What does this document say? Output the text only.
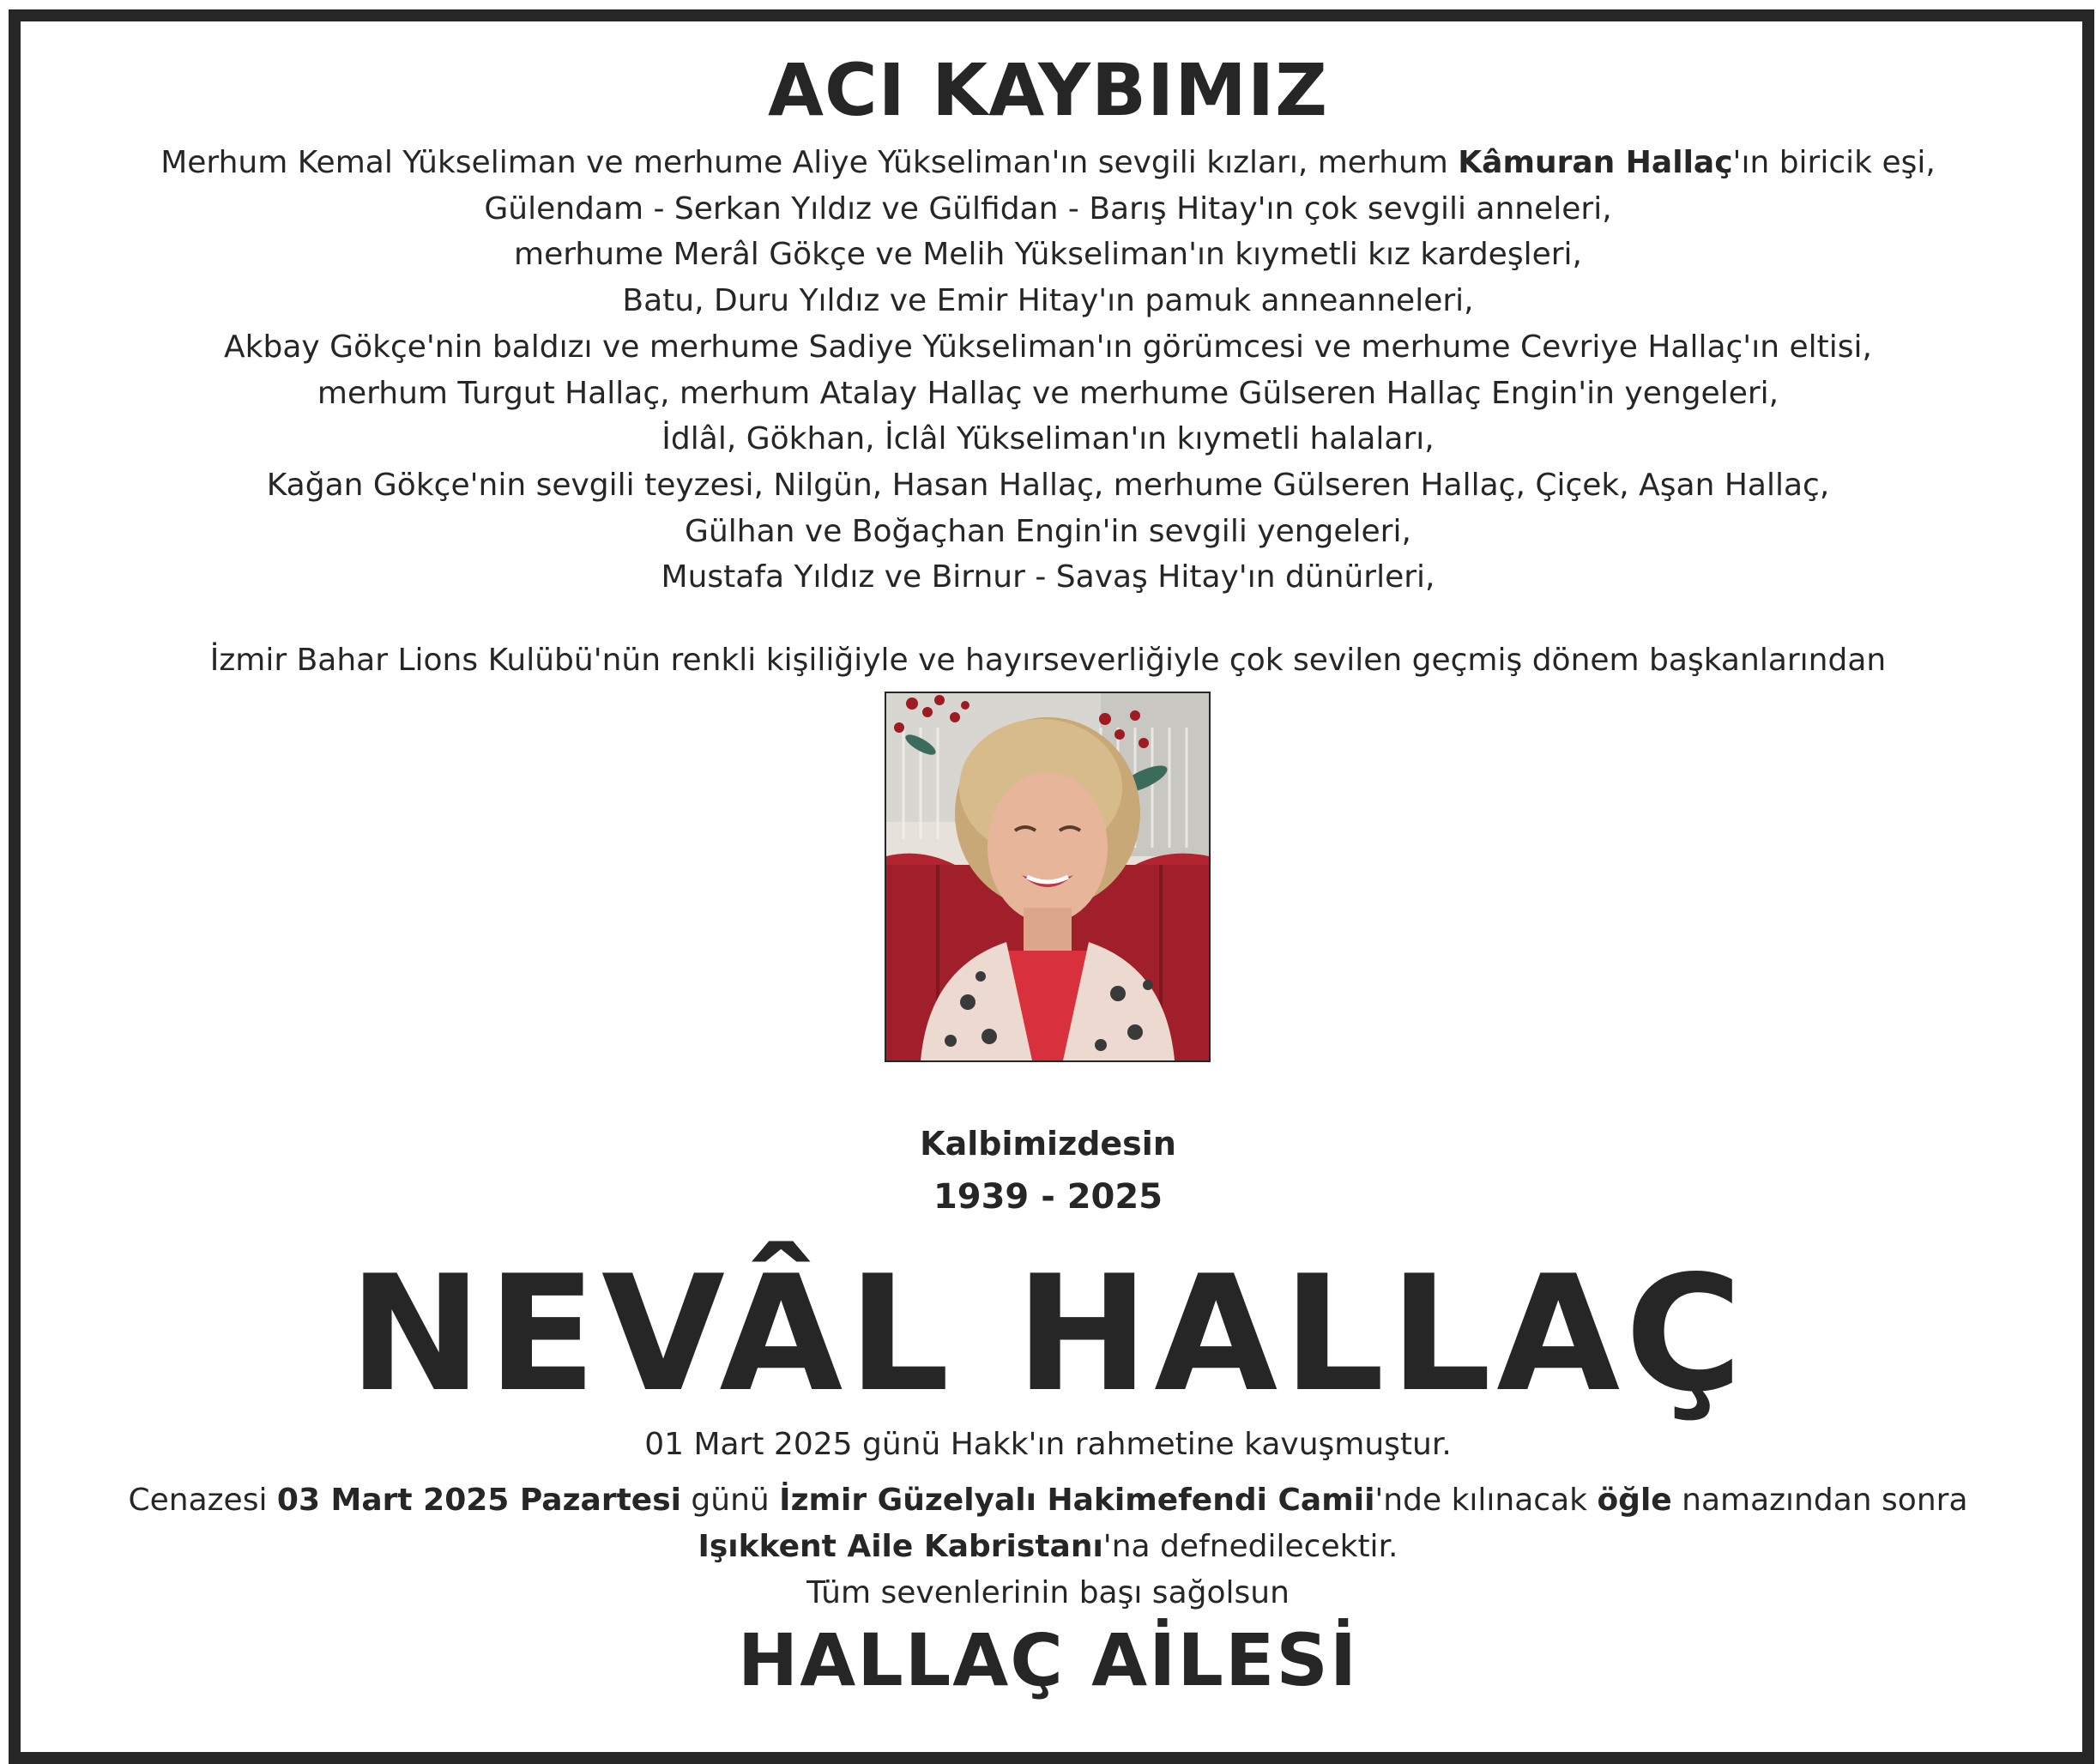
ACI KAYBIMIZ
Merhum Kemal Yükseliman ve merhume Aliye Yükseliman'ın sevgili kızları, merhum Kâmuran Hallaç'ın biricik eşi,
Gülendam - Serkan Yıldız ve Gülfidan - Barış Hitay'ın çok sevgili anneleri,
merhume Merâl Gökçe ve Melih Yükseliman'ın kıymetli kız kardeşleri,
Batu, Duru Yıldız ve Emir Hitay'ın pamuk anneanneleri,
Akbay Gökçe'nin baldızı ve merhume Sadiye Yükseliman'ın görümcesi ve merhume Cevriye Hallaç'ın eltisi,
merhum Turgut Hallaç, merhum Atalay Hallaç ve merhume Gülseren Hallaç Engin'in yengeleri,
İdlâl, Gökhan, İclâl Yükseliman'ın kıymetli halaları,
Kağan Gökçe'nin sevgili teyzesi, Nilgün, Hasan Hallaç, merhume Gülseren Hallaç, Çiçek, Aşan Hallaç,
Gülhan ve Boğaçhan Engin'in sevgili yengeleri,
Mustafa Yıldız ve Birnur - Savaş Hitay'ın dünürleri,
İzmir Bahar Lions Kulübü'nün renkli kişiliğiyle ve hayırseverliğiyle çok sevilen geçmiş dönem başkanlarından
Kalbimizdesin
1939 - 2025
NEVÂL HALLAÇ
01 Mart 2025 günü Hakk'ın rahmetine kavuşmuştur.
Cenazesi 03 Mart 2025 Pazartesi günü İzmir Güzelyalı Hakimefendi Camii'nde kılınacak öğle namazından sonra
Işıkkent Aile Kabristanı'na defnedilecektir.
Tüm sevenlerinin başı sağolsun
HALLAÇ AİLESİ
